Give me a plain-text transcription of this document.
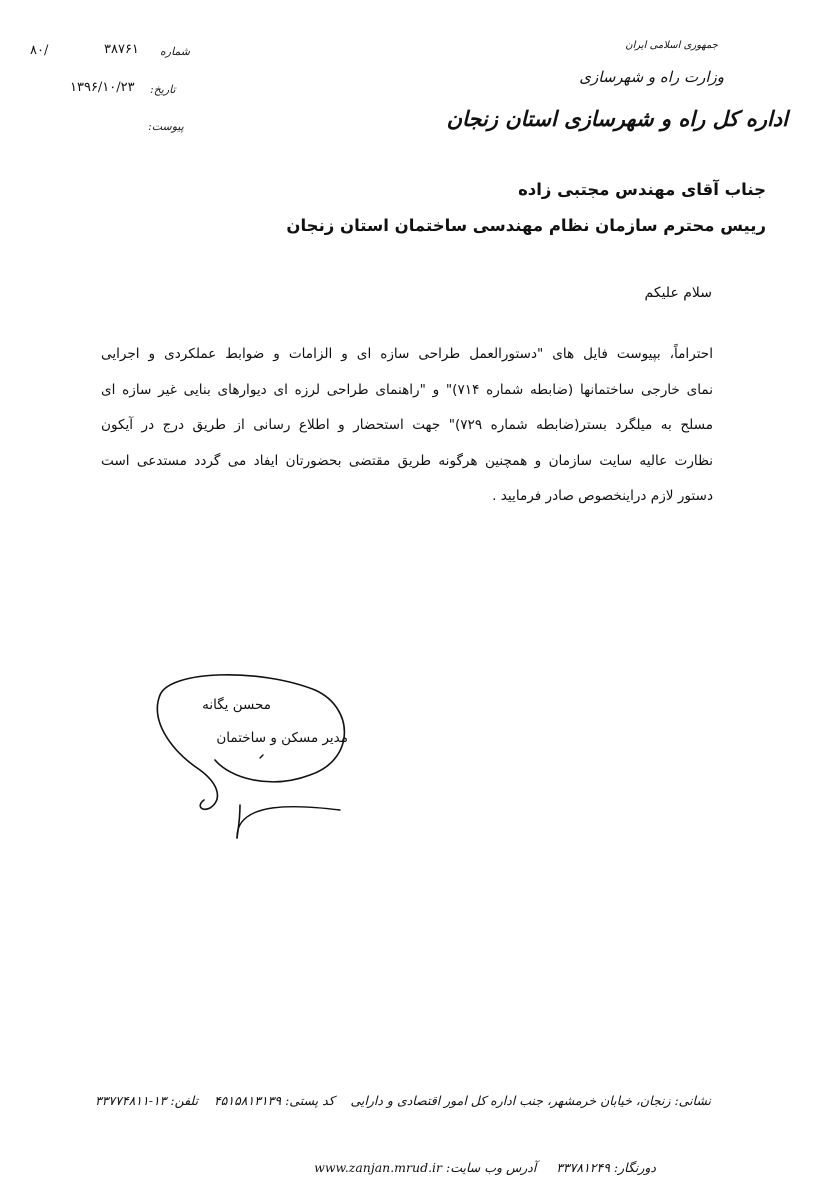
۸۰/	۳۸۷۶۱ شماره
۱۳۹۶/۱۰/۲۳ تاریخ:
پیوست:
جمهوری اسلامی ایران
وزارت راه و شهرسازی
اداره کل راه و شهرسازی استان زنجان
جناب آقای مهندس مجتبی زاده
رییس محترم سازمان نظام مهندسی ساختمان استان زنجان
سلام علیکم
احتراماً، بپیوست فایل های "دستورالعمل طراحی سازه ای و الزامات و ضوابط عملکردی و اجرایی
نمای خارجی ساختمانها (ضابطه شماره ۷۱۴)" و "راهنمای طراحی لرزه ای دیوارهای بنایی غیر سازه ای
مسلح به میلگرد بستر(ضابطه شماره ۷۲۹)" جهت استحضار و اطلاع رسانی از طریق درج در آیکون
نظارت عالیه سایت سازمان و همچنین هرگونه طریق مقتضی بحضورتان ایفاد می گردد مستدعی است
دستور لازم دراینخصوص صادر فرمایید .
محسن یگانه
مدیر مسکن و ساختمان
نشانی: زنجان، خیابان خرمشهر، جنب اداره کل امور اقتصادی و دارایی    کد پستی: ۴۵۱۵۸۱۳۱۳۹    تلفن: ۱۳-۳۳۷۷۴۸۱۱
دورنگار: ۳۳۷۸۱۲۴۹     آدرس وب سایت: www.zanjan.mrud.ir
